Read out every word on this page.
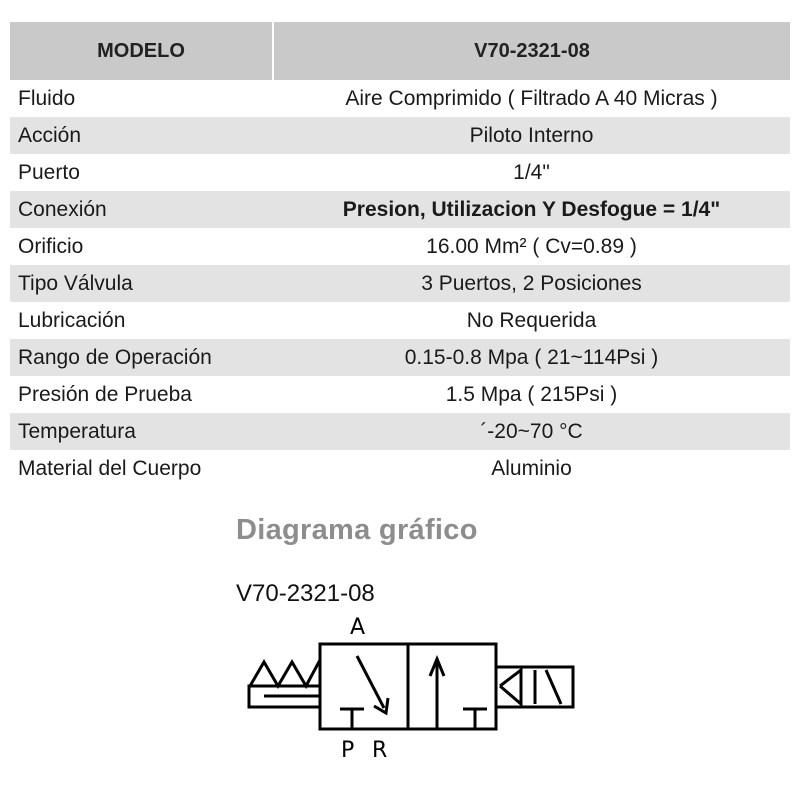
MODELO	V70-2321-08
Fluido	Aire Comprimido ( Filtrado A 40 Micras )
Acción	Piloto Interno
Puerto	1/4"
Conexión	Presion, Utilizacion Y Desfogue = 1/4"
Orificio	16.00 Mm² ( Cv=0.89 )
Tipo Válvula	3 Puertos, 2 Posiciones
Lubricación	No Requerida
Rango de Operación	0.15-0.8 Mpa ( 21~114Psi )
Presión de Prueba	1.5 Mpa ( 215Psi )
Temperatura	´-20~70 °C
Material del Cuerpo	Aluminio
Diagrama gráfico
V70-2321-08
A
P R
